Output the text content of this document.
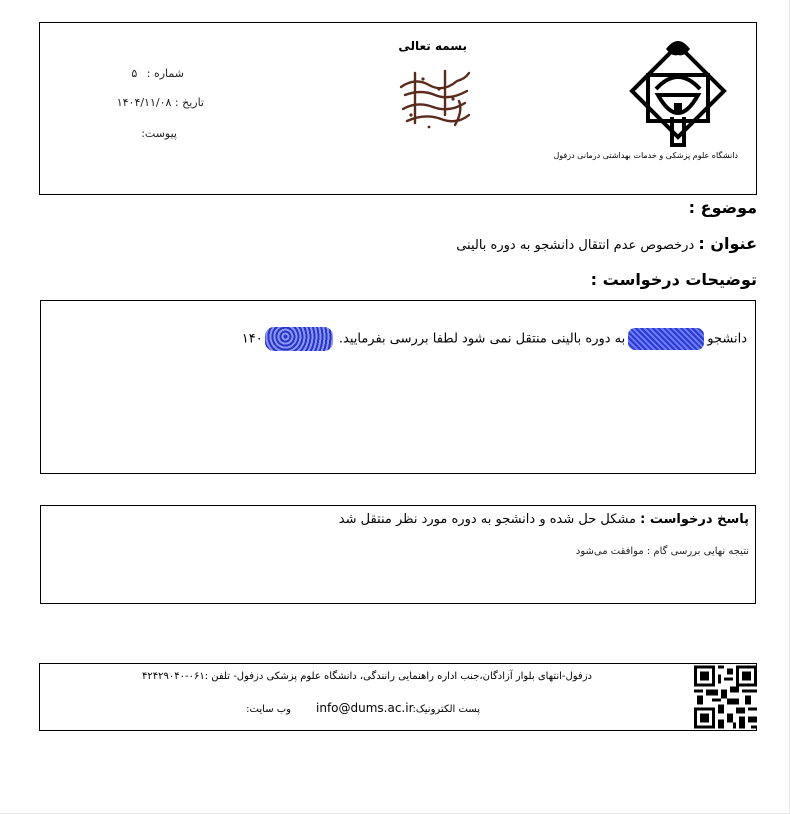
بسمه تعالی
دانشگاه علوم پزشکی و خدمات بهداشتی درمانی دزفول
شماره : ۵
تاریخ : ۱۴۰۴/۱۱/۰۸
پیوست:
موضوع :
عنوان : درخصوص عدم انتقال دانشجو به دوره بالینی
توضیحات درخواست :
دانشجوبه دوره بالینی منتقل نمی شود لطفا بررسی بفرمایید. ۱۴۰
پاسخ درخواست : مشکل حل شده و دانشجو به دوره مورد نظر منتقل شد
نتیجه نهایی بررسی گام : موافقت می‌شود
دزفول-انتهای بلوار آزادگان،جنب اداره راهنمایی رانندگی، دانشگاه علوم پزشکی دزفول- تلفن :۰۶۱-۴۲۴۲۹۰۴۰
پست الکترونیک:
info@dums.ac.ir
وب سایت:
